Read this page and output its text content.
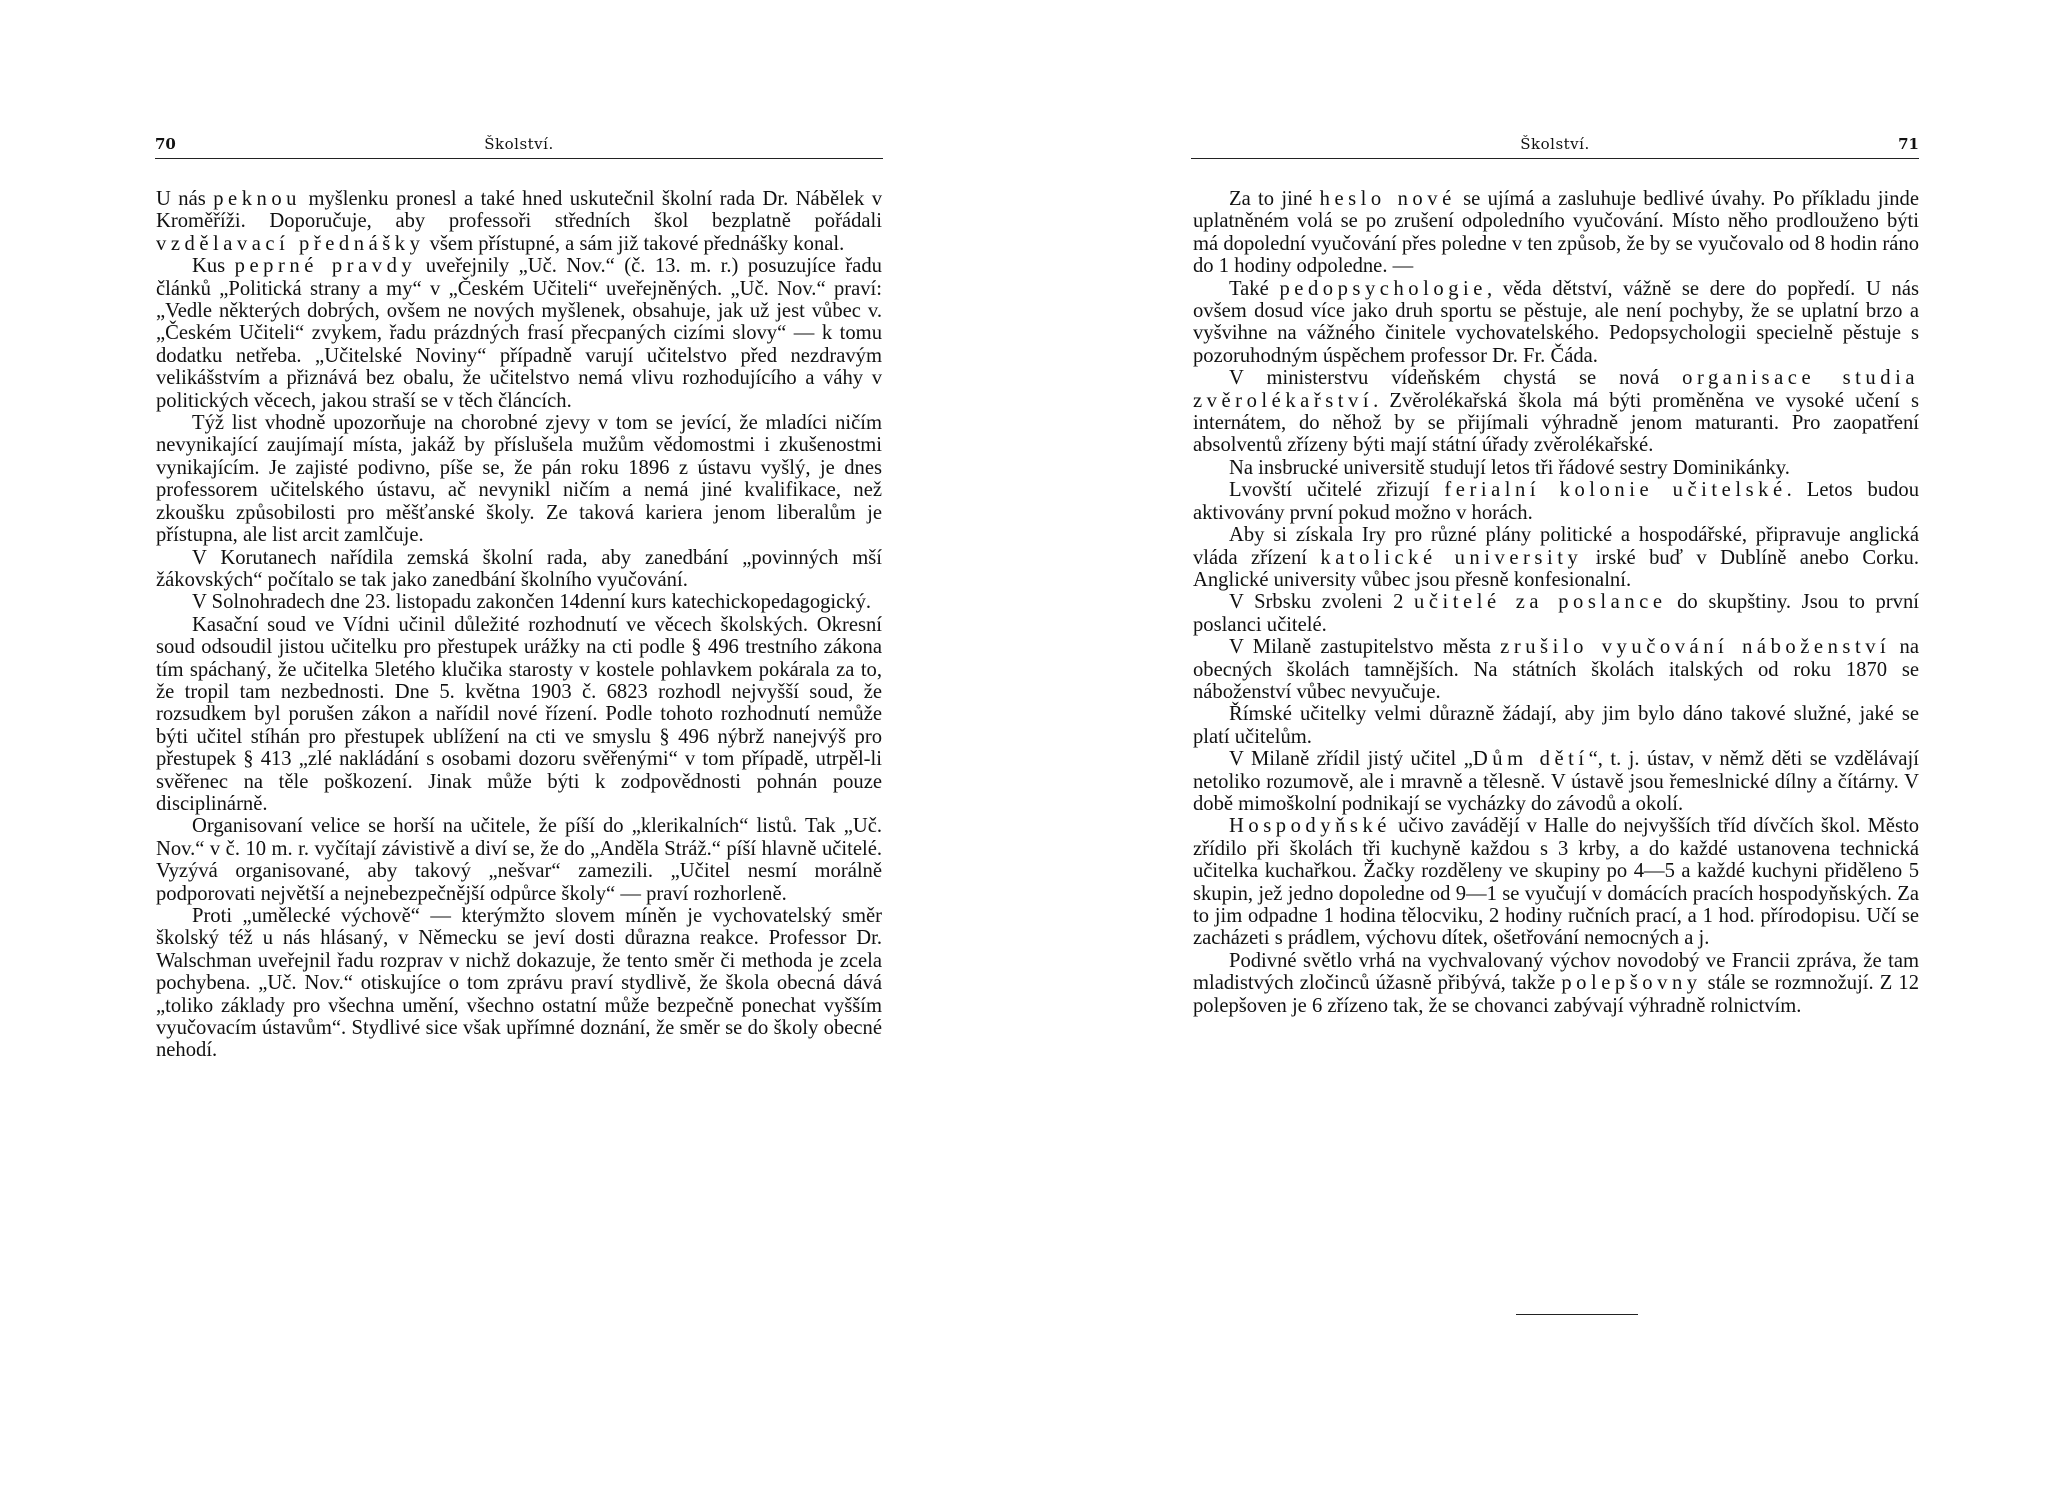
70	Školství.

U nás peknou myšlenku pronesl a také hned uskutečnil školní rada Dr. Nábělek v Kroměříži. Doporučuje, aby professoři středních škol bezplatně pořádali vzdělavací přednášky všem přístupné, a sám již takové přednášky konal.

Kus peprné pravdy uveřejnily „Uč. Nov.“ (č. 13. m. r.) posuzujíce řadu článků „Politická strany a my“ v „Českém Učiteli“ uveřejněných. „Uč. Nov.“ praví: „Vedle některých dobrých, ovšem ne nových myšlenek, obsahuje, jak už jest vůbec v. „Českém Učiteli“ zvykem, řadu prázdných frasí přecpaných cizími slovy“ — k tomu dodatku netřeba. „Učitelské Noviny“ případně varují učitelstvo před nezdravým velikášstvím a přiznává bez obalu, že učitelstvo nemá vlivu rozhodujícího a váhy v politických věcech, jakou straší se v těch článcích.

Týž list vhodně upozorňuje na chorobné zjevy v tom se jevící, že mladíci ničím nevynikající zaujímají místa, jakáž by příslušela mužům vědomostmi i zkušenostmi vynikajícím. Je zajisté podivno, píše se, že pán roku 1896 z ústavu vyšlý, je dnes professorem učitelského ústavu, ač nevynikl ničím a nemá jiné kvalifikace, než zkoušku způsobilosti pro měšťanské školy. Ze taková kariera jenom liberalům je přístupna, ale list arcit zamlčuje.

V Korutanech nařídila zemská školní rada, aby zanedbání „povinných mší žákovských“ počítalo se tak jako zanedbání školního vyučování.

V Solnohradech dne 23. listopadu zakončen 14denní kurs katechickopedagogický.

Kasační soud ve Vídni učinil důležité rozhodnutí ve věcech školských. Okresní soud odsoudil jistou učitelku pro přestupek urážky na cti podle § 496 trestního zákona tím spáchaný, že učitelka 5letého klučika starosty v kostele pohlavkem pokárala za to, že tropil tam nezbednosti. Dne 5. května 1903 č. 6823 rozhodl nejvyšší soud, že rozsudkem byl porušen zákon a nařídil nové řízení. Podle tohoto rozhodnutí nemůže býti učitel stíhán pro přestupek ublížení na cti ve smyslu § 496 nýbrž nanejvýš pro přestupek § 413 „zlé nakládání s osobami dozoru svěřenými“ v tom případě, utrpěl-li svěřenec na těle poškození. Jinak může býti k zodpovědnosti pohnán pouze disciplinárně.

Organisovaní velice se horší na učitele, že píší do „klerikalních“ listů. Tak „Uč. Nov.“ v č. 10 m. r. vyčítají závistivě a diví se, že do „Anděla Stráž.“ píší hlavně učitelé. Vyzývá organisované, aby takový „nešvar“ zamezili. „Učitel nesmí morálně podporovati největší a nejnebezpečnější odpůrce školy“ — praví rozhorleně.

Proti „umělecké výchově“ — kterýmžto slovem míněn je vychovatelský směr školský též u nás hlásaný, v Německu se jeví dosti důrazna reakce. Professor Dr. Walschman uveřejnil řadu rozprav v nichž dokazuje, že tento směr či methoda je zcela pochybena. „Uč. Nov.“ otiskujíce o tom zprávu praví stydlivě, že škola obecná dává „toliko základy pro všechna umění, všechno ostatní může bezpečně ponechat vyšším vyučovacím ústavům“. Stydlivé sice však upřímné doznání, že směr se do školy obecné nehodí.

Školství.	71

Za to jiné heslo nové se ujímá a zasluhuje bedlivé úvahy. Po příkladu jinde uplatněném volá se po zrušení odpoledního vyučování. Místo něho prodlouženo býti má dopolední vyučování přes poledne v ten způsob, že by se vyučovalo od 8 hodin ráno do 1 hodiny odpoledne. —

Také pedopsychologie, věda dětství, vážně se dere do popředí. U nás ovšem dosud více jako druh sportu se pěstuje, ale není pochyby, že se uplatní brzo a vyšvihne na vážného činitele vychovatelského. Pedopsychologii specielně pěstuje s pozoruhodným úspěchem professor Dr. Fr. Čáda.

V ministerstvu vídeňském chystá se nová organisace studia zvěrolékařství. Zvěrolékařská škola má býti proměněna ve vysoké učení s internátem, do něhož by se přijímali výhradně jenom maturanti. Pro zaopatření absolventů zřízeny býti mají státní úřady zvěrolékařské.

Na insbrucké universitě studují letos tři řádové sestry Dominikánky.

Lvovští učitelé zřizují ferialní kolonie učitelské. Letos budou aktivovány první pokud možno v horách.

Aby si získala Iry pro různé plány politické a hospodářské, připravuje anglická vláda zřízení katolické university irské buď v Dublíně anebo Corku. Anglické university vůbec jsou přesně konfesionalní.

V Srbsku zvoleni 2 učitelé za poslance do skupštiny. Jsou to první poslanci učitelé.

V Milaně zastupitelstvo města zrušilo vyučování náboženství na obecných školách tamnějších. Na státních školách italských od roku 1870 se náboženství vůbec nevyučuje.

Římské učitelky velmi důrazně žádají, aby jim bylo dáno takové služné, jaké se platí učitelům.

V Milaně zřídil jistý učitel „Dům dětí“, t. j. ústav, v němž děti se vzdělávají netoliko rozumově, ale i mravně a tělesně. V ústavě jsou řemeslnické dílny a čítárny. V době mimoškolní podnikají se vycházky do závodů a okolí.

Hospodyňské učivo zavádějí v Halle do nejvyšších tříd dívčích škol. Město zřídilo při školách tři kuchyně každou s 3 krby, a do každé ustanovena technická učitelka kuchařkou. Žačky rozděleny ve skupiny po 4—5 a každé kuchyni přiděleno 5 skupin, jež jedno dopoledne od 9—1 se vyučují v domácích pracích hospodyňských. Za to jim odpadne 1 hodina tělocviku, 2 hodiny ručních prací, a 1 hod. přírodopisu. Učí se zacházeti s prádlem, výchovu dítek, ošetřování nemocných a j.

Podivné světlo vrhá na vychvalovaný výchov novodobý ve Francii zpráva, že tam mladistvých zločinců úžasně přibývá, takže polepšovny stále se rozmnožují. Z 12 polepšoven je 6 zřízeno tak, že se chovanci zabývají výhradně rolnictvím.
